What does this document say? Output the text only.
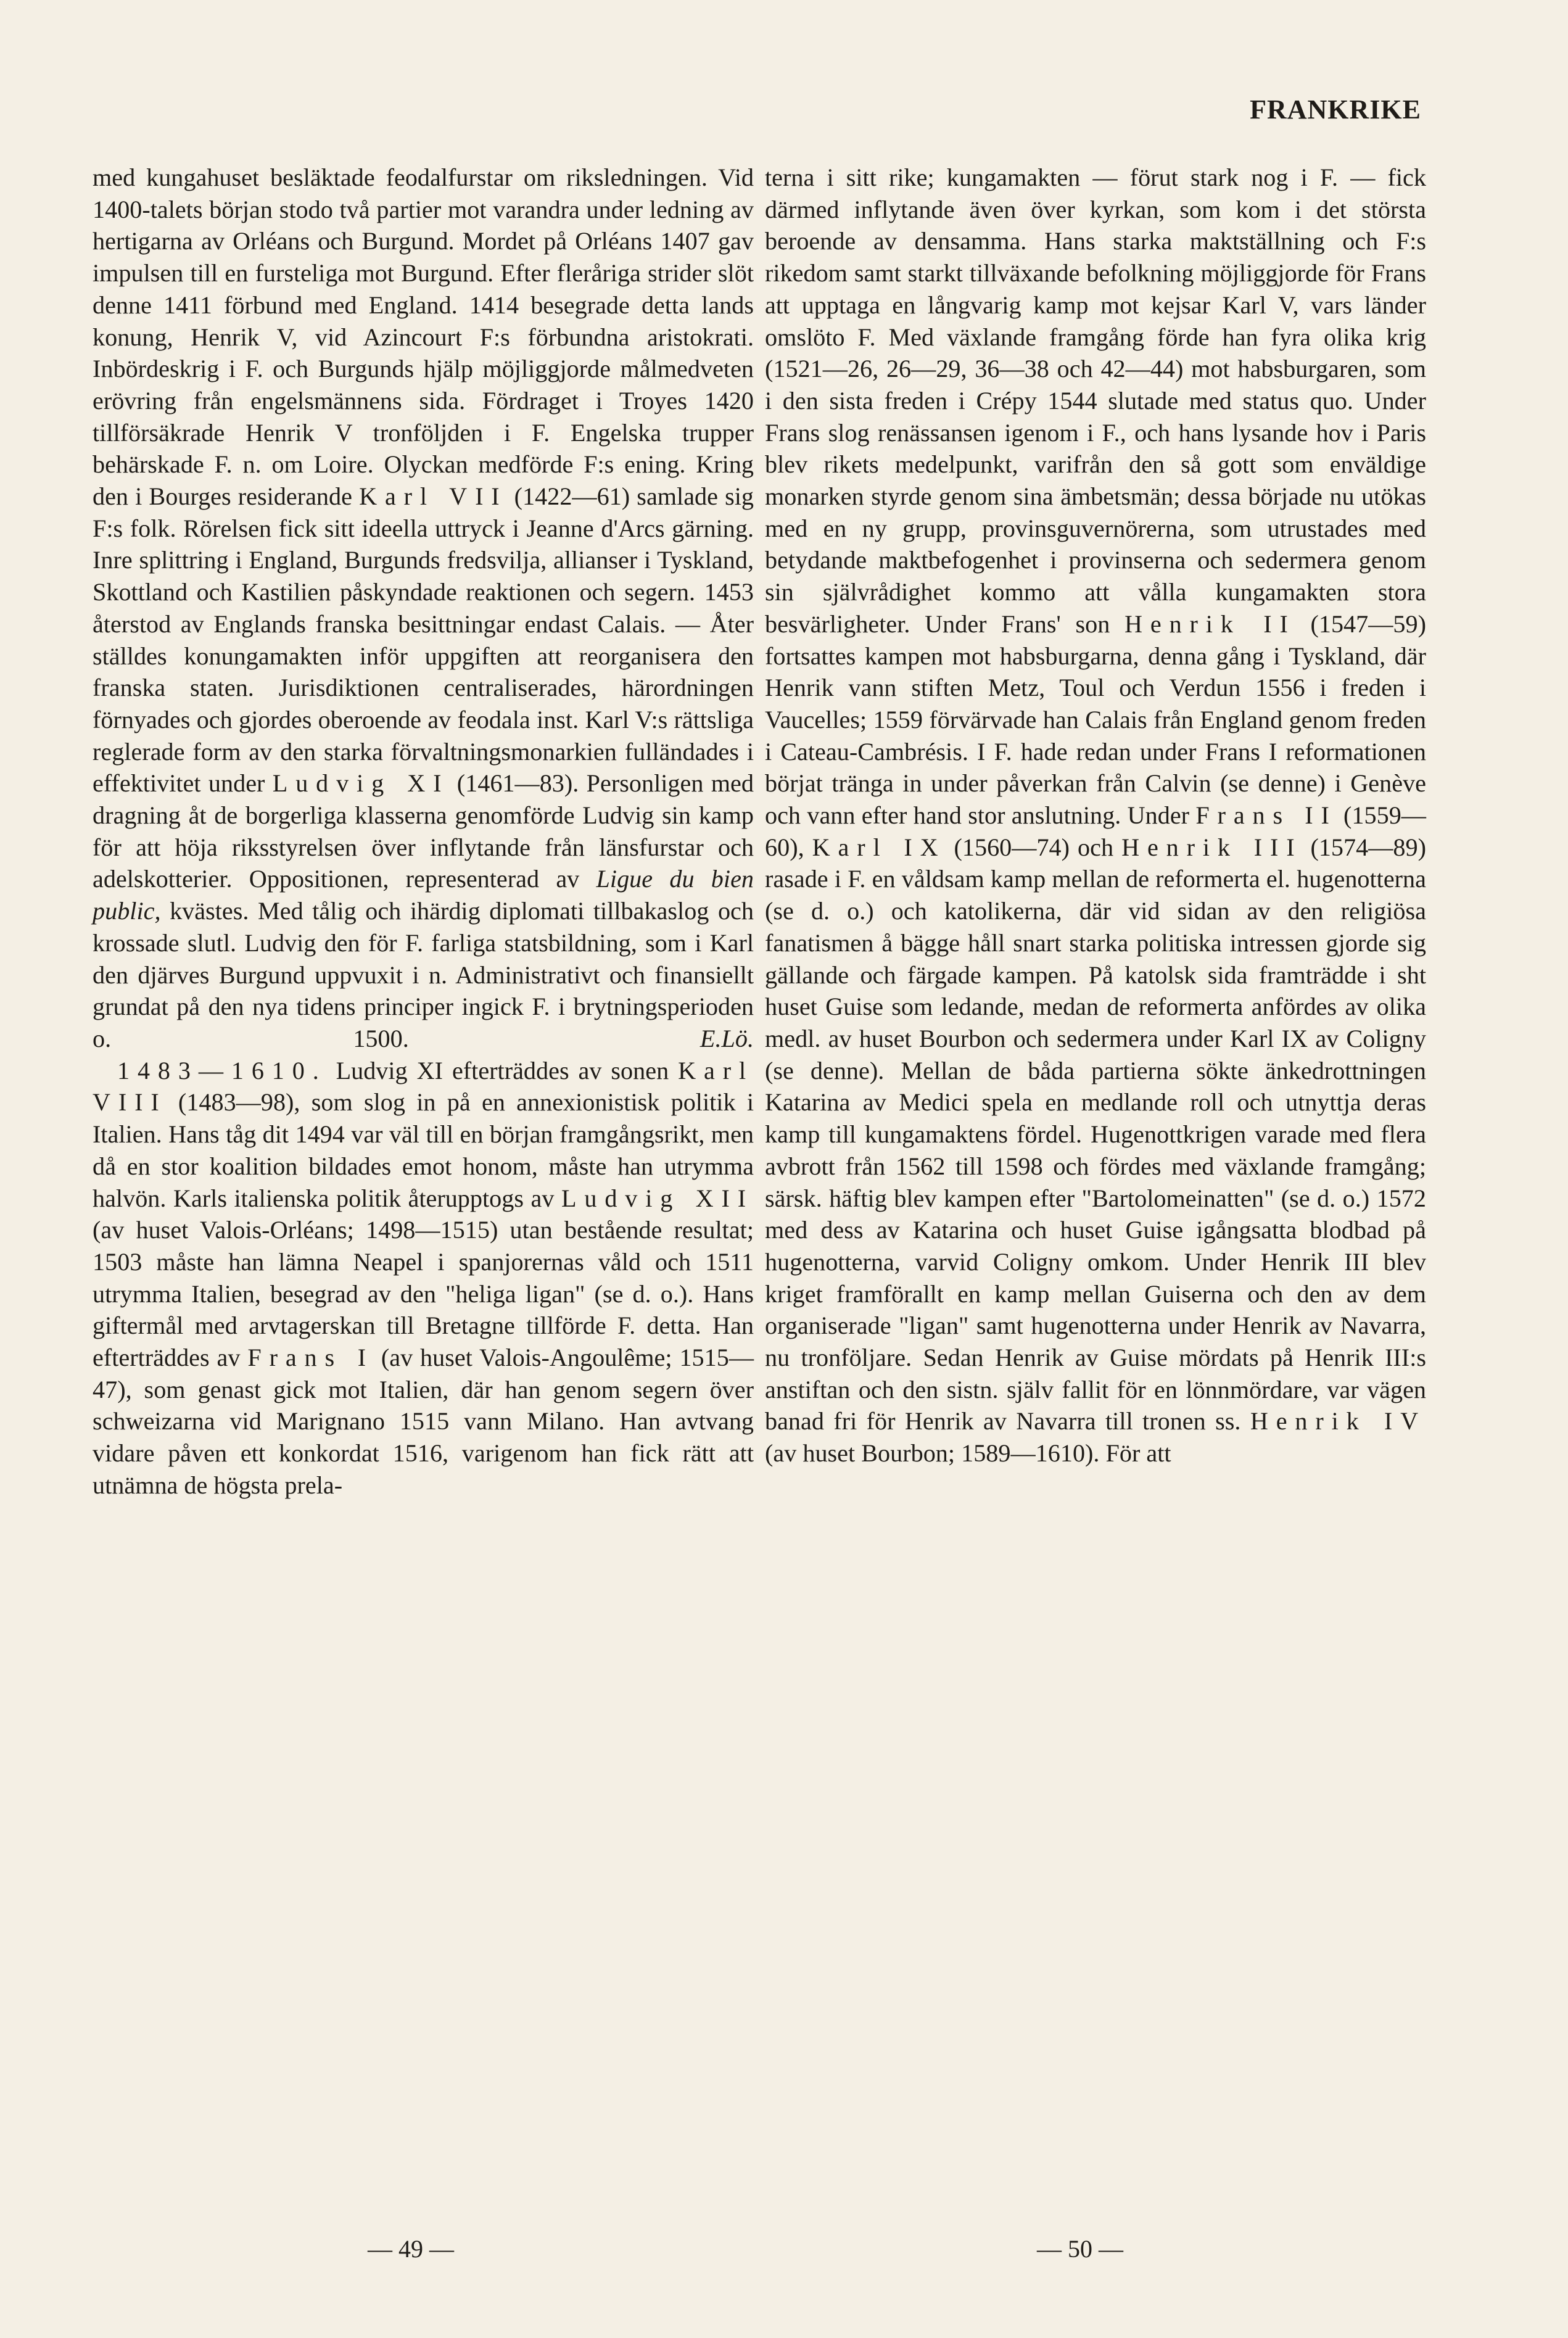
FRANKRIKE

med kungahuset besläktade feodalfurstar om riksledningen. Vid 1400-talets början stodo två partier mot varandra under ledning av hertigarna av Orléans och Burgund. Mordet på Orléans 1407 gav impulsen till en fursteliga mot Burgund. Efter fleråriga strider slöt denne 1411 förbund med England. 1414 besegrade detta lands konung, Henrik V, vid Azincourt F:s förbundna aristokrati. Inbördeskrig i F. och Burgunds hjälp möjliggjorde målmedveten erövring från engelsmännens sida. Fördraget i Troyes 1420 tillförsäkrade Henrik V tronföljden i F. Engelska trupper behärskade F. n. om Loire. Olyckan medförde F:s ening. Kring den i Bourges residerande Karl VII (1422—61) samlade sig F:s folk. Rörelsen fick sitt ideella uttryck i Jeanne d'Arcs gärning. Inre splittring i England, Burgunds fredsvilja, allianser i Tyskland, Skottland och Kastilien påskyndade reaktionen och segern. 1453 återstod av Englands franska besittningar endast Calais. — Åter ställdes konungamakten inför uppgiften att reorganisera den franska staten. Jurisdiktionen centraliserades, härordningen förnyades och gjordes oberoende av feodala inst. Karl V:s rättsliga reglerade form av den starka förvaltningsmonarkien fulländades i effektivitet under Ludvig XI (1461—83). Personligen med dragning åt de borgerliga klasserna genomförde Ludvig sin kamp för att höja riksstyrelsen över inflytande från länsfurstar och adelskotterier. Oppositionen, representerad av Ligue du bien public, kvästes. Med tålig och ihärdig diplomati tillbakaslog och krossade slutl. Ludvig den för F. farliga statsbildning, som i Karl den djärves Burgund uppvuxit i n. Administrativt och finansiellt grundat på den nya tidens principer ingick F. i brytningsperioden o. 1500.	E.Lö.

1483—1610. Ludvig XI efterträddes av sonen Karl VIII (1483—98), som slog in på en annexionistisk politik i Italien. Hans tåg dit 1494 var väl till en början framgångsrikt, men då en stor koalition bildades emot honom, måste han utrymma halvön. Karls italienska politik återupptogs av Ludvig XII (av huset Valois-Orléans; 1498—1515) utan bestående resultat; 1503 måste han lämna Neapel i spanjorernas våld och 1511 utrymma Italien, besegrad av den "heliga ligan" (se d. o.). Hans giftermål med arvtagerskan till Bretagne tillförde F. detta. Han efterträddes av Frans I (av huset Valois-Angoulême; 1515—47), som genast gick mot Italien, där han genom segern över schweizarna vid Marignano 1515 vann Milano. Han avtvang vidare påven ett konkordat 1516, varigenom han fick rätt att utnämna de högsta prela-

terna i sitt rike; kungamakten — förut stark nog i F. — fick därmed inflytande även över kyrkan, som kom i det största beroende av densamma. Hans starka maktställning och F:s rikedom samt starkt tillväxande befolkning möjliggjorde för Frans att upptaga en långvarig kamp mot kejsar Karl V, vars länder omslöto F. Med växlande framgång förde han fyra olika krig (1521—26, 26—29, 36—38 och 42—44) mot habsburgaren, som i den sista freden i Crépy 1544 slutade med status quo. Under Frans slog renässansen igenom i F., och hans lysande hov i Paris blev rikets medelpunkt, varifrån den så gott som enväldige monarken styrde genom sina ämbetsmän; dessa började nu utökas med en ny grupp, provinsguvernörerna, som utrustades med betydande maktbefogenhet i provinserna och sedermera genom sin självrådighet kommo att vålla kungamakten stora besvärligheter. Under Frans' son Henrik II (1547—59) fortsattes kampen mot habsburgarna, denna gång i Tyskland, där Henrik vann stiften Metz, Toul och Verdun 1556 i freden i Vaucelles; 1559 förvärvade han Calais från England genom freden i Cateau-Cambrésis. I F. hade redan under Frans I reformationen börjat tränga in under påverkan från Calvin (se denne) i Genève och vann efter hand stor anslutning. Under Frans II (1559—60), Karl IX (1560—74) och Henrik III (1574—89) rasade i F. en våldsam kamp mellan de reformerta el. hugenotterna (se d. o.) och katolikerna, där vid sidan av den religiösa fanatismen å bägge håll snart starka politiska intressen gjorde sig gällande och färgade kampen. På katolsk sida framträdde i sht huset Guise som ledande, medan de reformerta anfördes av olika medl. av huset Bourbon och sedermera under Karl IX av Coligny (se denne). Mellan de båda partierna sökte änkedrottningen Katarina av Medici spela en medlande roll och utnyttja deras kamp till kungamaktens fördel. Hugenottkrigen varade med flera avbrott från 1562 till 1598 och fördes med växlande framgång; särsk. häftig blev kampen efter "Bartolomeinatten" (se d. o.) 1572 med dess av Katarina och huset Guise igångsatta blodbad på hugenotterna, varvid Coligny omkom. Under Henrik III blev kriget framförallt en kamp mellan Guiserna och den av dem organiserade "ligan" samt hugenotterna under Henrik av Navarra, nu tronföljare. Sedan Henrik av Guise mördats på Henrik III:s anstiftan och den sistn. själv fallit för en lönnmördare, var vägen banad fri för Henrik av Navarra till tronen ss. Henrik IV (av huset Bourbon; 1589—1610). För att

— 49 —	— 50 —
